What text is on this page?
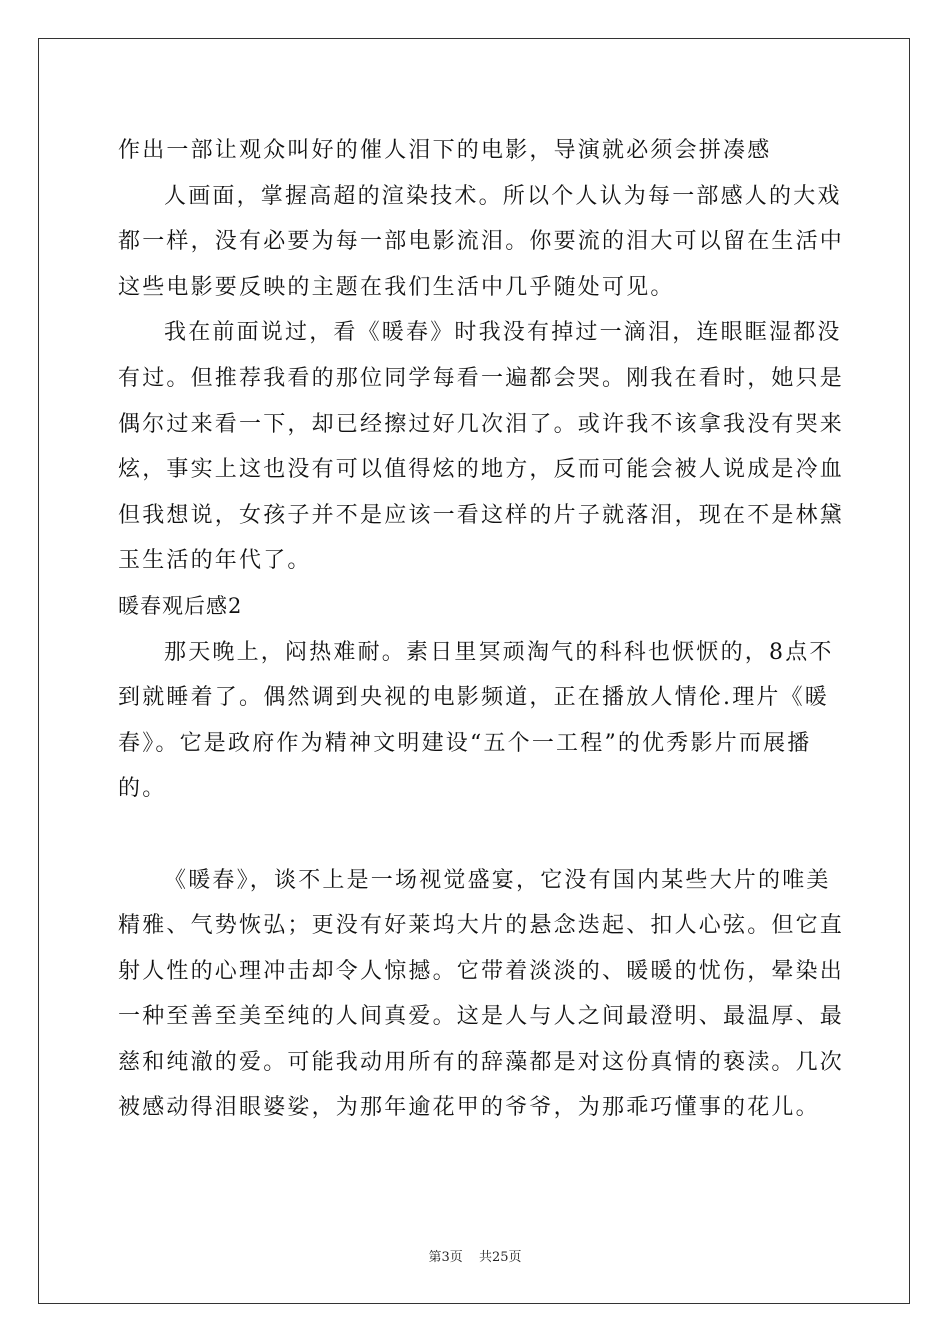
作出一部让观众叫好的催人泪下的电影，导演就必须会拼凑感
人画面，掌握高超的渲染技术。所以个人认为每一部感人的大戏
都一样，没有必要为每一部电影流泪。你要流的泪大可以留在生活中
这些电影要反映的主题在我们生活中几乎随处可见。
我在前面说过，看《暖春》时我没有掉过一滴泪，连眼眶湿都没
有过。但推荐我看的那位同学每看一遍都会哭。刚我在看时，她只是
偶尔过来看一下，却已经擦过好几次泪了。或许我不该拿我没有哭来
炫，事实上这也没有可以值得炫的地方，反而可能会被人说成是冷血
但我想说，女孩子并不是应该一看这样的片子就落泪，现在不是林黛
玉生活的年代了。
暖春观后感2
那天晚上，闷热难耐。素日里冥顽淘气的科科也恹恹的，8点不
到就睡着了。偶然调到央视的电影频道，正在播放人情伦.理片《暖
春》。它是政府作为精神文明建设“五个一工程”的优秀影片而展播
的。
《暖春》，谈不上是一场视觉盛宴，它没有国内某些大片的唯美
精雅、气势恢弘；更没有好莱坞大片的悬念迭起、扣人心弦。但它直
射人性的心理冲击却令人惊撼。它带着淡淡的、暖暖的忧伤，晕染出
一种至善至美至纯的人间真爱。这是人与人之间最澄明、最温厚、最
慈和纯澈的爱。可能我动用所有的辞藻都是对这份真情的亵渎。几次
被感动得泪眼婆娑，为那年逾花甲的爷爷，为那乖巧懂事的花儿。
第3页 共25页
